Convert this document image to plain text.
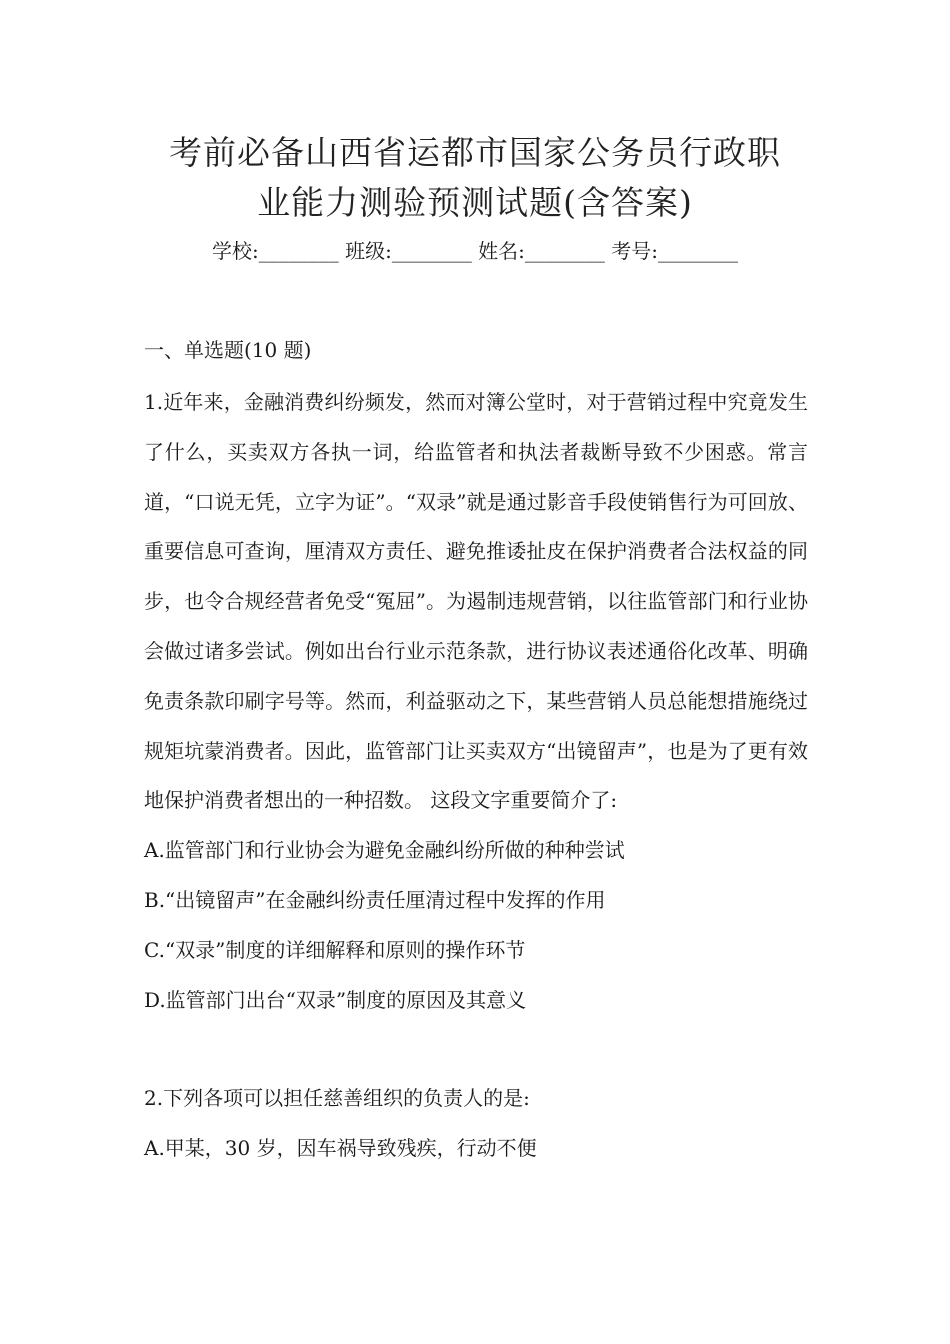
考前必备山西省运都市国家公务员行政职
业能力测验预测试题(含答案)
学校:________ 班级:________ 姓名:________ 考号:________
一、单选题(10 题)
1.近年来，金融消费纠纷频发，然而对簿公堂时，对于营销过程中究竟发生了什么，买卖双方各执一词，给监管者和执法者裁断导致不少困惑。常言道，“口说无凭，立字为证”。“双录”就是通过影音手段使销售行为可回放、重要信息可查询，厘清双方责任、避免推诿扯皮在保护消费者合法权益的同步，也令合规经营者免受“冤屈”。为遏制违规营销，以往监管部门和行业协会做过诸多尝试。例如出台行业示范条款，进行协议表述通俗化改革、明确免责条款印刷字号等。然而，利益驱动之下，某些营销人员总能想措施绕过规矩坑蒙消费者。因此，监管部门让买卖双方“出镜留声”，也是为了更有效地保护消费者想出的一种招数。 这段文字重要简介了:
A.监管部门和行业协会为避免金融纠纷所做的种种尝试
B.“出镜留声”在金融纠纷责任厘清过程中发挥的作用
C.“双录”制度的详细解释和原则的操作环节
D.监管部门出台“双录”制度的原因及其意义
2.下列各项可以担任慈善组织的负责人的是:
A.甲某，30 岁，因车祸导致残疾，行动不便
